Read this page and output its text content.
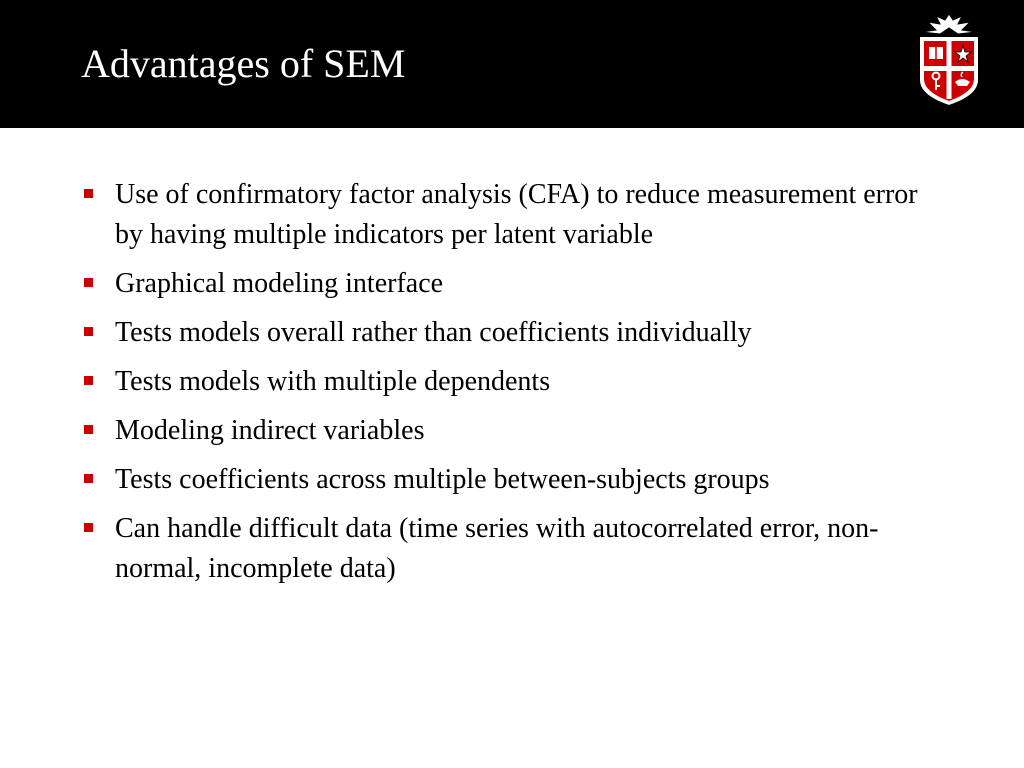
Advantages of SEM
Use of confirmatory factor analysis (CFA) to reduce measurement error by having multiple indicators per latent variable
Graphical modeling interface
Tests models overall rather than coefficients individually
Tests models with multiple dependents
Modeling indirect variables
Tests coefficients across multiple between-subjects groups
Can handle difficult data (time series with autocorrelated error, non-normal, incomplete data)
